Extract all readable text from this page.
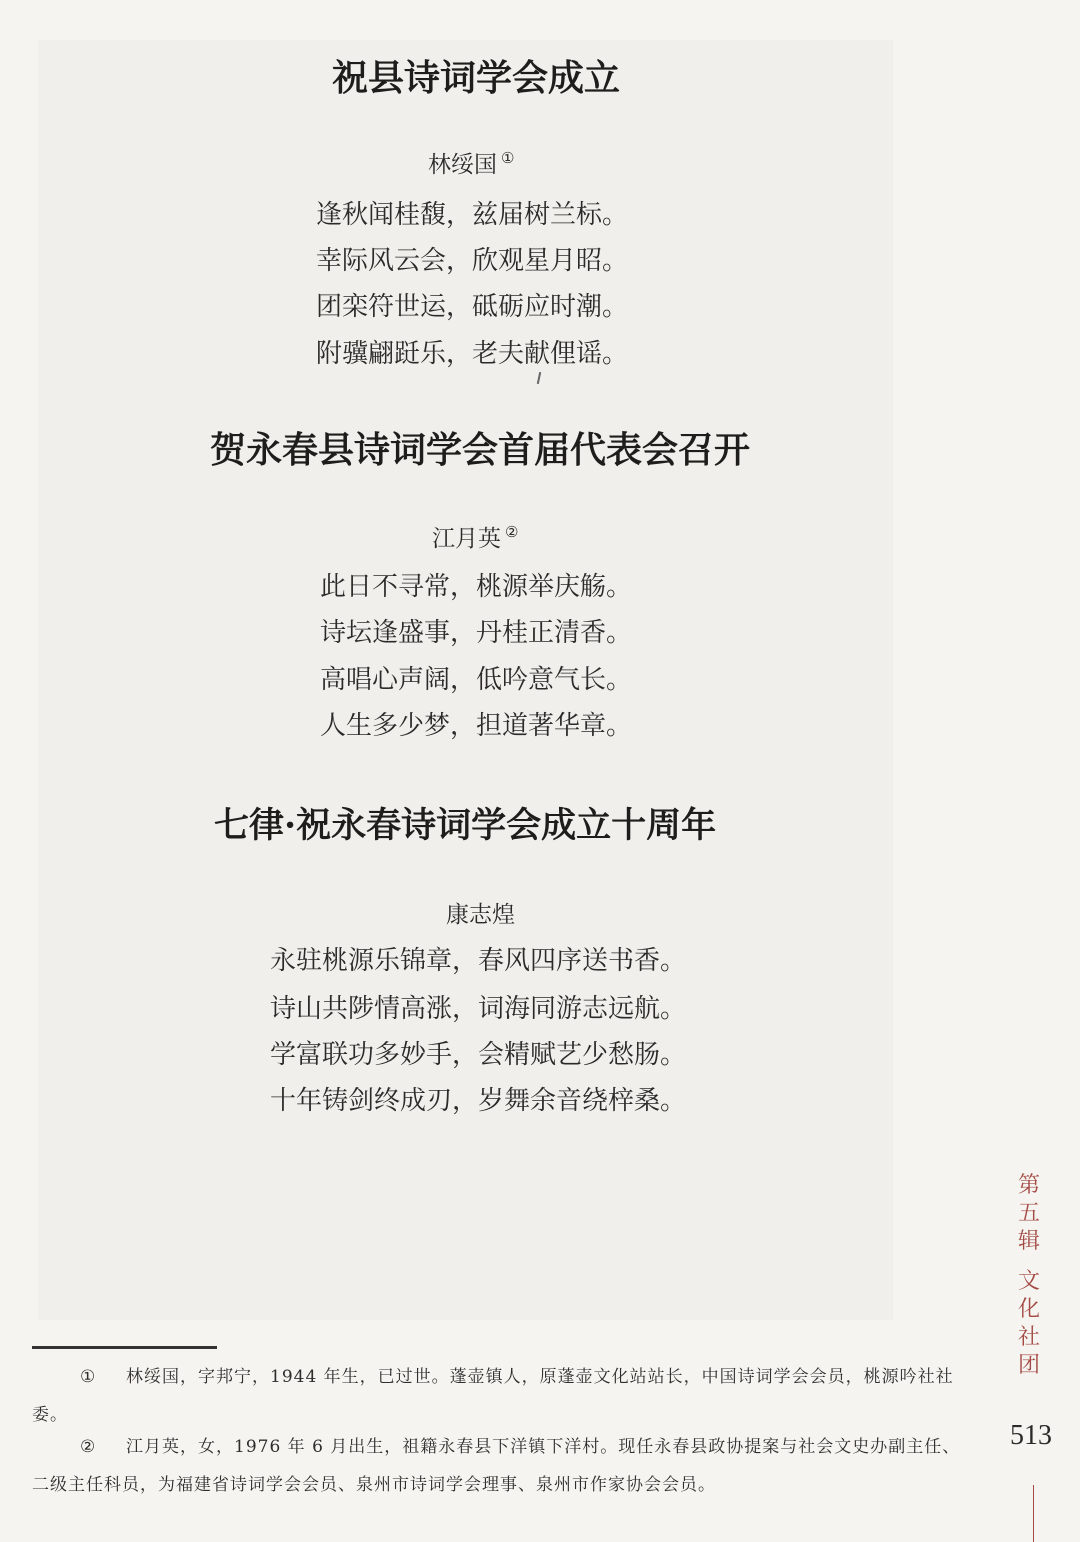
祝县诗词学会成立
林绥国 ①
逢秋闻桂馥，兹届树兰标。
幸际风云会，欣观星月昭。
团栾符世运，砥砺应时潮。
附骥翩跹乐，老夫献俚谣。
贺永春县诗词学会首届代表会召开
江月英 ②
此日不寻常，桃源举庆觞。
诗坛逢盛事，丹桂正清香。
高唱心声阔，低吟意气长。
人生多少梦，担道著华章。
七律·祝永春诗词学会成立十周年
康志煌
永驻桃源乐锦章，春风四序送书香。
诗山共陟情高涨，词海同游志远航。
学富联功多妙手，会精赋艺少愁肠。
十年铸剑终成刃，岁舞余音绕梓桑。
① 林绥国，字邦宁，1944 年生，已过世。蓬壶镇人，原蓬壶文化站站长，中国诗词学会会员，桃源吟社社委。
② 江月英，女，1976 年 6 月出生，祖籍永春县下洋镇下洋村。现任永春县政协提案与社会文史办副主任、二级主任科员，为福建省诗词学会会员、泉州市诗词学会理事、泉州市作家协会会员。
第
五
辑
文
化
社
团
513
